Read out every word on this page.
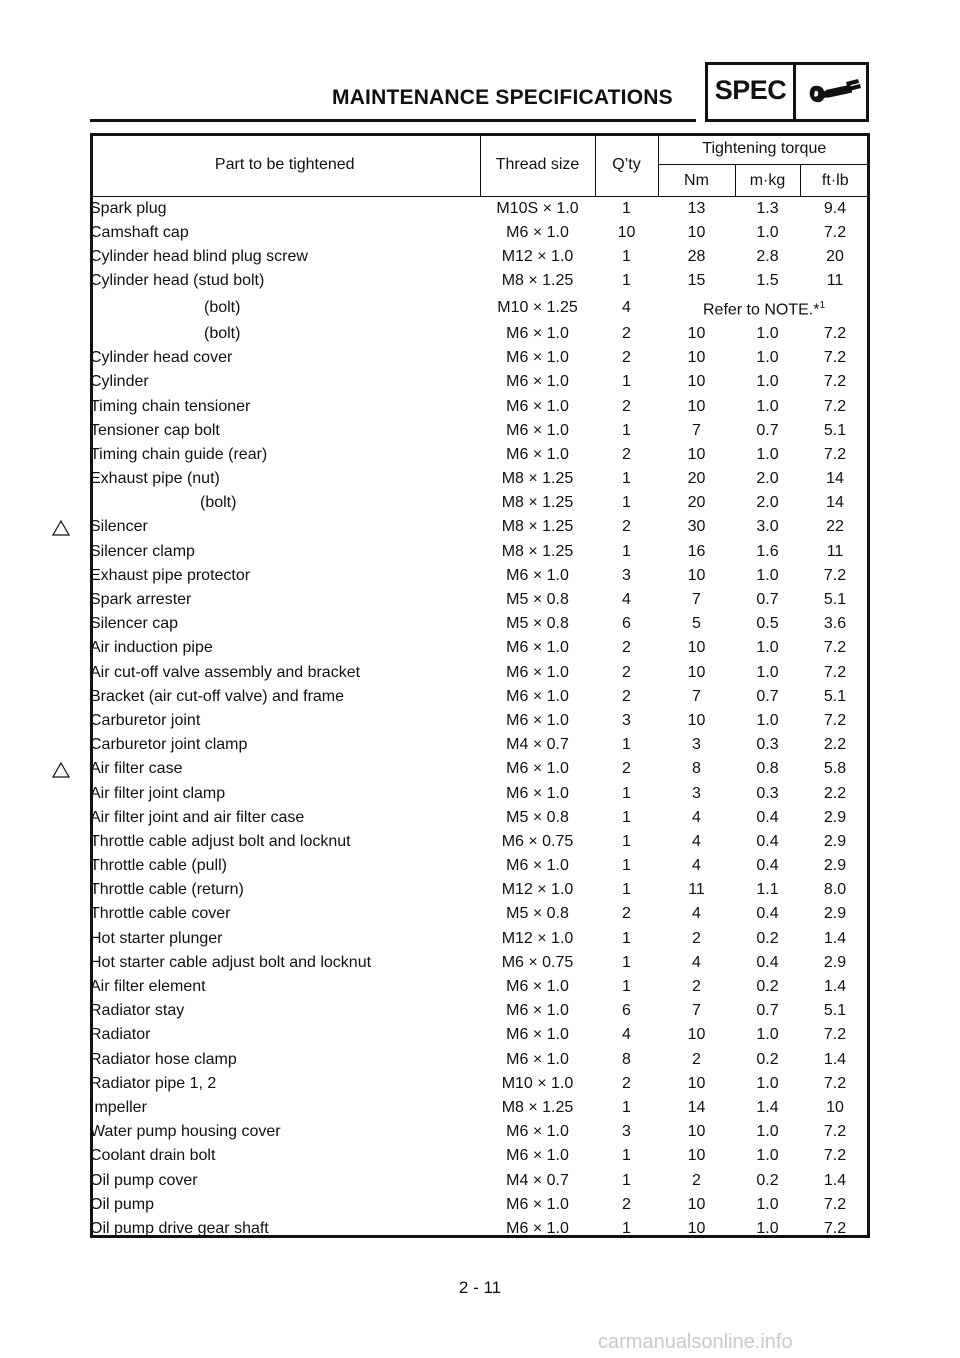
MAINTENANCE SPECIFICATIONS SPEC
Part to be tightened	Thread size	Q’ty	Tightening torque		
			Nm	m·kg	ft·lb
Spark plug	M10S × 1.0	1	13	1.3	9.4
Camshaft cap	M6 × 1.0	10	10	1.0	7.2
Cylinder head blind plug screw	M12 × 1.0	1	28	2.8	20
Cylinder head (stud bolt)	M8 × 1.25	1	15	1.5	11
(bolt)	M10 × 1.25	4	Refer to NOTE.*$^1$
(bolt)	M6 × 1.0	2	10	1.0	7.2
Cylinder head cover	M6 × 1.0	2	10	1.0	7.2
Cylinder	M6 × 1.0	1	10	1.0	7.2
Timing chain tensioner	M6 × 1.0	2	10	1.0	7.2
Tensioner cap bolt	M6 × 1.0	1	7	0.7	5.1
Timing chain guide (rear)	M6 × 1.0	2	10	1.0	7.2
Exhaust pipe (nut)	M8 × 1.25	1	20	2.0	14
(bolt)	M8 × 1.25	1	20	2.0	14

Silencer	M8 × 1.25	2	30	3.0	22
Silencer clamp	M8 × 1.25	1	16	1.6	11
Exhaust pipe protector	M6 × 1.0	3	10	1.0	7.2
Spark arrester	M5 × 0.8	4	7	0.7	5.1
Silencer cap	M5 × 0.8	6	5	0.5	3.6
Air induction pipe	M6 × 1.0	2	10	1.0	7.2
Air cut-off valve assembly and bracket	M6 × 1.0	2	10	1.0	7.2
Bracket (air cut-off valve) and frame	M6 × 1.0	2	7	0.7	5.1
Carburetor joint	M6 × 1.0	3	10	1.0	7.2
Carburetor joint clamp	M4 × 0.7	1	3	0.3	2.2

Air filter case	M6 × 1.0	2	8	0.8	5.8
Air filter joint clamp	M6 × 1.0	1	3	0.3	2.2
Air filter joint and air filter case	M5 × 0.8	1	4	0.4	2.9
Throttle cable adjust bolt and locknut	M6 × 0.75	1	4	0.4	2.9
Throttle cable (pull)	M6 × 1.0	1	4	0.4	2.9
Throttle cable (return)	M12 × 1.0	1	11	1.1	8.0
Throttle cable cover	M5 × 0.8	2	4	0.4	2.9
Hot starter plunger	M12 × 1.0	1	2	0.2	1.4
Hot starter cable adjust bolt and locknut	M6 × 0.75	1	4	0.4	2.9
Air filter element	M6 × 1.0	1	2	0.2	1.4
Radiator stay	M6 × 1.0	6	7	0.7	5.1
Radiator	M6 × 1.0	4	10	1.0	7.2
Radiator hose clamp	M6 × 1.0	8	2	0.2	1.4
Radiator pipe 1, 2	M10 × 1.0	2	10	1.0	7.2
Impeller	M8 × 1.25	1	14	1.4	10
Water pump housing cover	M6 × 1.0	3	10	1.0	7.2
Coolant drain bolt	M6 × 1.0	1	10	1.0	7.2
Oil pump cover	M4 × 0.7	1	2	0.2	1.4
Oil pump	M6 × 1.0	2	10	1.0	7.2
Oil pump drive gear shaft	M6 × 1.0	1	10	1.0	7.2
2 - 11
carmanualsonline.info
